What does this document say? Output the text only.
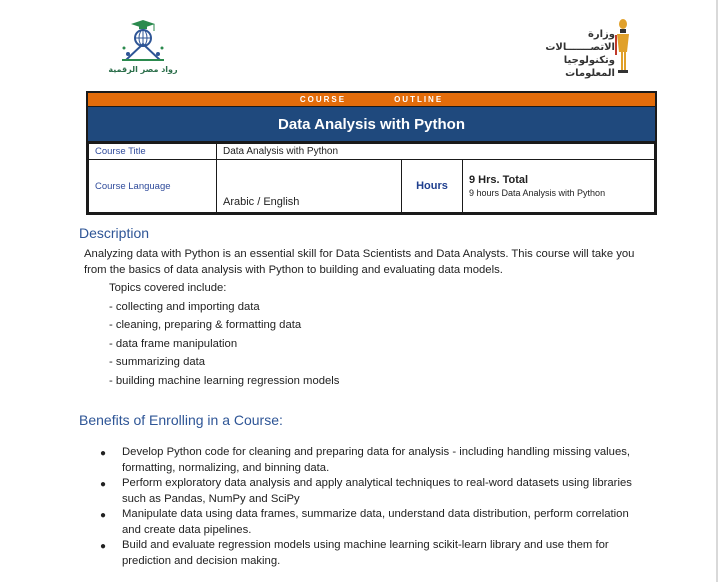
رواد مصر الرقمية
وزارة الاتصـــــــالات
وتكنولوجيا المعلومات
COURSE	OUTLINE
Data Analysis with Python
Course Title	Data Analysis with Python		
Course Language	Arabic / English	Hours	9 Hrs. Total
9 hours Data Analysis with Python
Description
Analyzing data with Python is an essential skill for Data Scientists and Data Analysts. This course will take you from the basics of data analysis with Python to building and evaluating data models.
Topics covered include:
- collecting and importing data
- cleaning, preparing & formatting data
- data frame manipulation
- summarizing data
- building machine learning regression models
Benefits of Enrolling in a Course:
●	Develop Python code for cleaning and preparing data for analysis - including handling missing values, formatting, normalizing, and binning data.
●	Perform exploratory data analysis and apply analytical techniques to real-word datasets using libraries such as Pandas, NumPy and SciPy
●	Manipulate data using data frames, summarize data, understand data distribution, perform correlation and create data pipelines.
●	Build and evaluate regression models using machine learning scikit-learn library and use them for prediction and decision making.
